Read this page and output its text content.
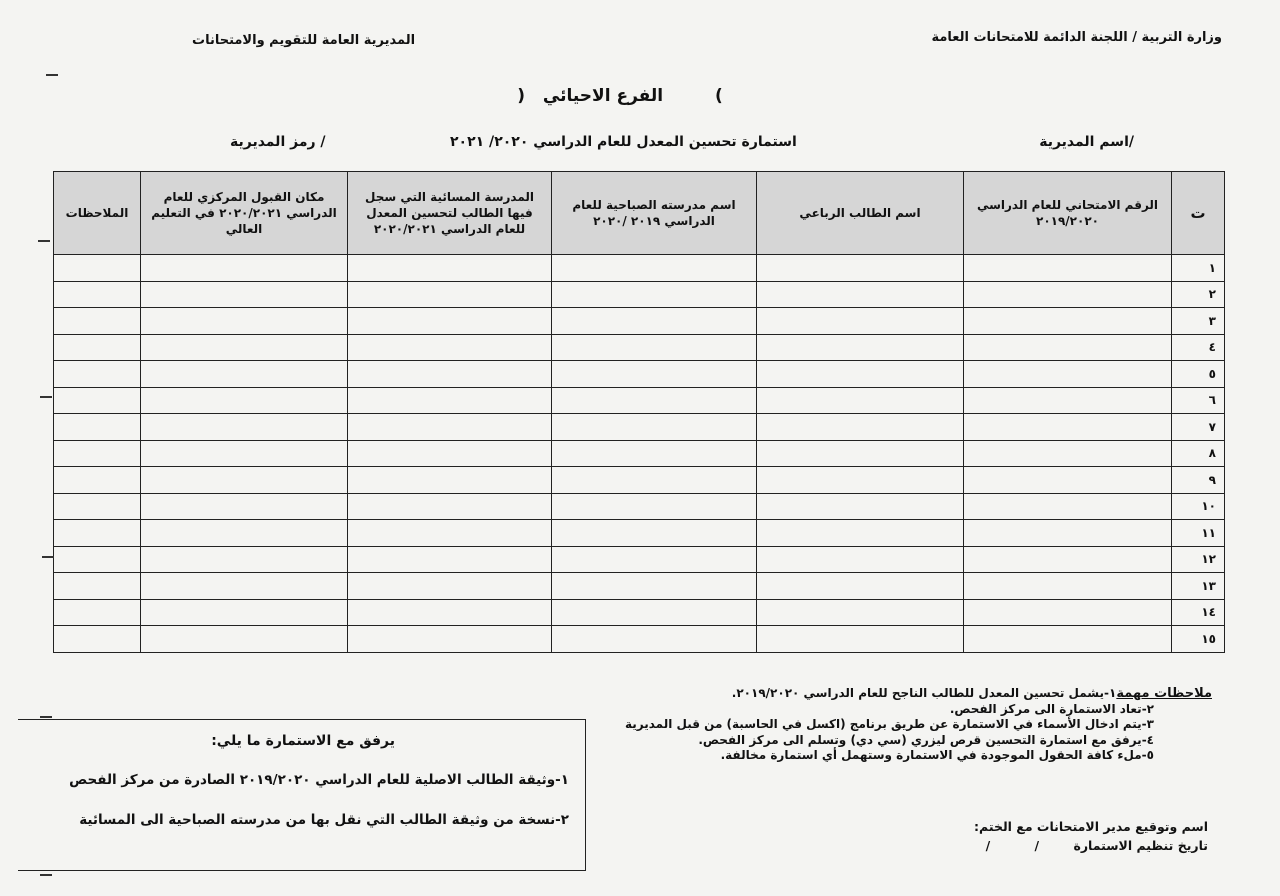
وزارة التربية / اللجنة الدائمة للامتحانات العامة
المديرية العامة للتقويم والامتحانات
) الفرع الاحيائي	(
استمارة تحسين المعدل للعام الدراسي ٢٠٢٠/ ٢٠٢١	اسم المديرية/
رمز المديرية /
ت	الرقم الامتحاني للعام الدراسي ٢٠١٩/٢٠٢٠	اسم الطالب الرباعي	اسم مدرسته الصباحية للعام الدراسي ٢٠١٩ /٢٠٢٠	المدرسة المسائية التي سجل فيها الطالب لتحسين المعدل للعام الدراسي ٢٠٢٠/٢٠٢١	مكان القبول المركزي للعام الدراسي ٢٠٢٠/٢٠٢١ في التعليم العالي	الملاحظات
١						
٢						
٣						
٤						
٥						
٦						
٧						
٨						
٩						
١٠						
١١						
١٢						
١٣						
١٤						
١٥						
ملاحظات مهمة١-يشمل تحسين المعدل للطالب الناجح للعام الدراسي ٢٠١٩/٢٠٢٠.
٢-تعاد الاستمارة الى مركز الفحص.
٣-يتم ادخال الأسماء في الاستمارة عن طريق برنامج (اكسل في الحاسبة) من قبل المديرية
٤-يرفق مع استمارة التحسين قرص ليزري (سي دي) وتسلم الى مركز الفحص.
٥-ملء كافة الحقول الموجودة في الاستمارة وستهمل أي استمارة مخالفة.
يرفق مع الاستمارة ما يلي:
١-وثيقة الطالب الاصلية للعام الدراسي ٢٠١٩/٢٠٢٠ الصادرة من مركز الفحص
٢-نسخة من وثيقة الطالب التي نقل بها من مدرسته الصباحية الى المسائية	اسم وتوقيع مدير الامتحانات مع الختم:
تاريخ تنظيم الاستمارة / /
